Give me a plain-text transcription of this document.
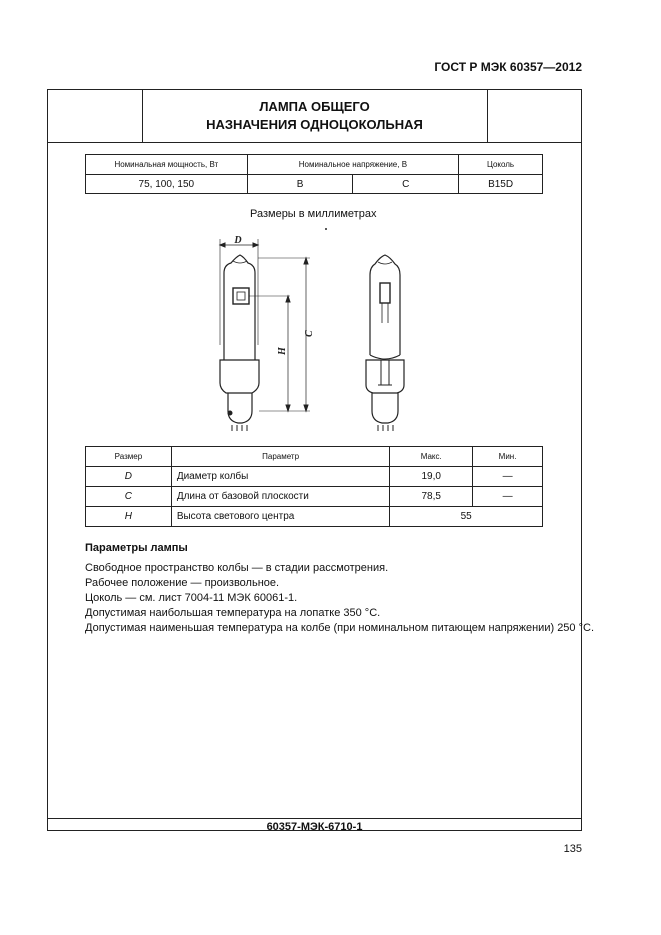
ГОСТ Р МЭК 60357—2012
ЛАМПА ОБЩЕГО
НАЗНАЧЕНИЯ ОДНОЦОКОЛЬНАЯ
Номинальная мощность, Вт	Номинальное напряжение, В		Цоколь
75, 100, 150	В	С	B15D
Размеры в миллиметрах
D
C
H
Размер	Параметр	Макс.	Мин.
D	Диаметр колбы	19,0	—
C	Длина от базовой плоскости	78,5	—
H	Высота светового центра	55	
Параметры лампы
Свободное пространство колбы — в стадии рассмотрения.
Рабочее положение — произвольное.
Цоколь — см. лист 7004-11 МЭК 60061-1.
Допустимая наибольшая температура на лопатке 350 °С.
Допустимая наименьшая температура на колбе (при номинальном питающем напряжении) 250 °С.
60357-МЭК-6710-1
135
